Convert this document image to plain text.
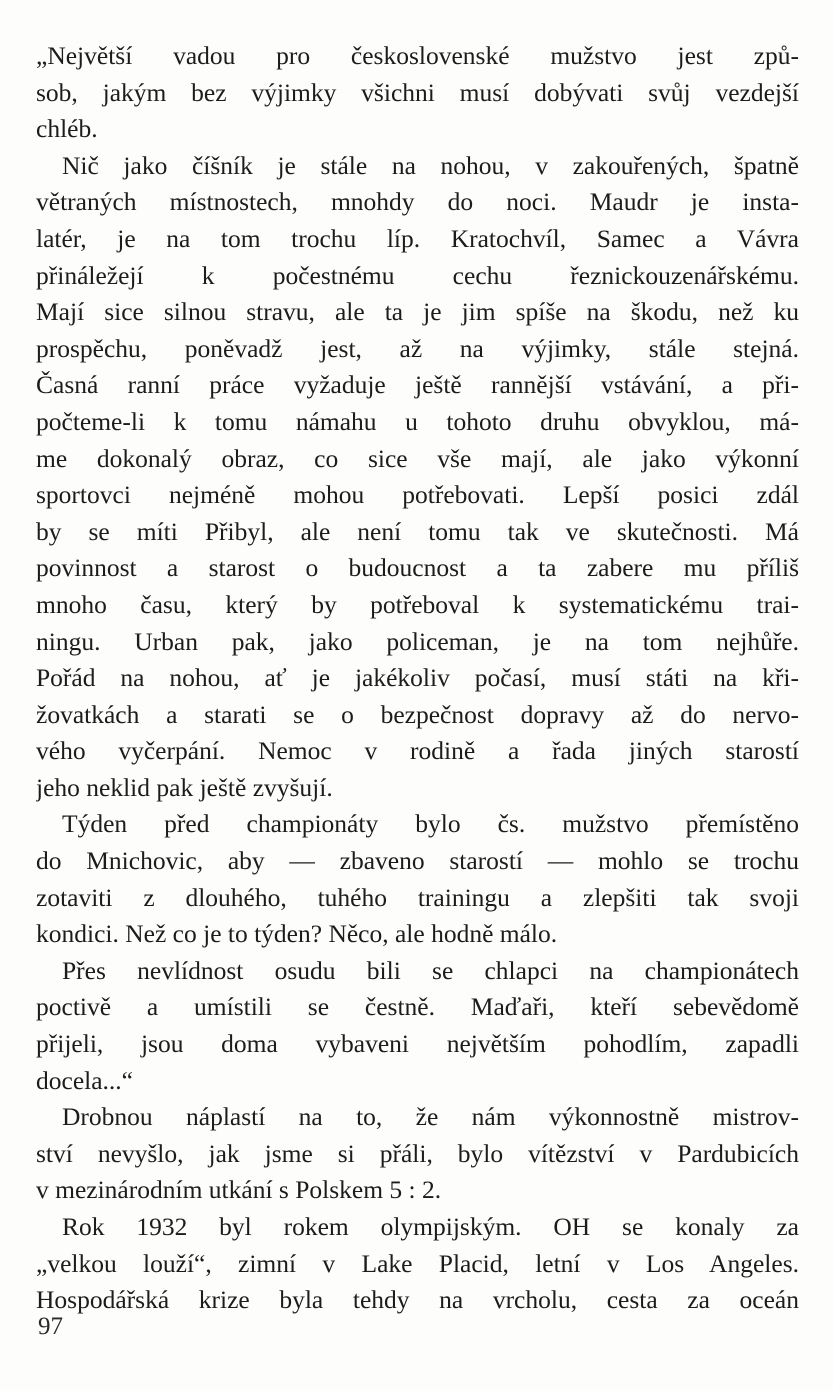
„Největší vadou pro československé mužstvo jest způ-
sob, jakým bez výjimky všichni musí dobývati svůj vezdejší
chléb.
Nič jako číšník je stále na nohou, v zakouřených, špatně
větraných místnostech, mnohdy do noci. Maudr je insta-
latér, je na tom trochu líp. Kratochvíl, Samec a Vávra
přináležejí k počestnému cechu řeznickouzenářskému.
Mají sice silnou stravu, ale ta je jim spíše na škodu, než ku
prospěchu, poněvadž jest, až na výjimky, stále stejná.
Časná ranní práce vyžaduje ještě rannější vstávání, a při-
počteme-li k tomu námahu u tohoto druhu obvyklou, má-
me dokonalý obraz, co sice vše mají, ale jako výkonní
sportovci nejméně mohou potřebovati. Lepší posici zdál
by se míti Přibyl, ale není tomu tak ve skutečnosti. Má
povinnost a starost o budoucnost a ta zabere mu příliš
mnoho času, který by potřeboval k systematickému trai-
ningu. Urban pak, jako policeman, je na tom nejhůře.
Pořád na nohou, ať je jakékoliv počasí, musí státi na kři-
žovatkách a starati se o bezpečnost dopravy až do nervo-
vého vyčerpání. Nemoc v rodině a řada jiných starostí
jeho neklid pak ještě zvyšují.
Týden před championáty bylo čs. mužstvo přemístěno
do Mnichovic, aby — zbaveno starostí — mohlo se trochu
zotaviti z dlouhého, tuhého trainingu a zlepšiti tak svoji
kondici. Než co je to týden? Něco, ale hodně málo.
Přes nevlídnost osudu bili se chlapci na championátech
poctivě a umístili se čestně. Maďaři, kteří sebevědomě
přijeli, jsou doma vybaveni největším pohodlím, zapadli
docela...“
Drobnou náplastí na to, že nám výkonnostně mistrov-
ství nevyšlo, jak jsme si přáli, bylo vítězství v Pardubicích
v mezinárodním utkání s Polskem 5 : 2.
Rok 1932 byl rokem olympijským. OH se konaly za
„velkou louží“, zimní v Lake Placid, letní v Los Angeles.
Hospodářská krize byla tehdy na vrcholu, cesta za oceán
97
